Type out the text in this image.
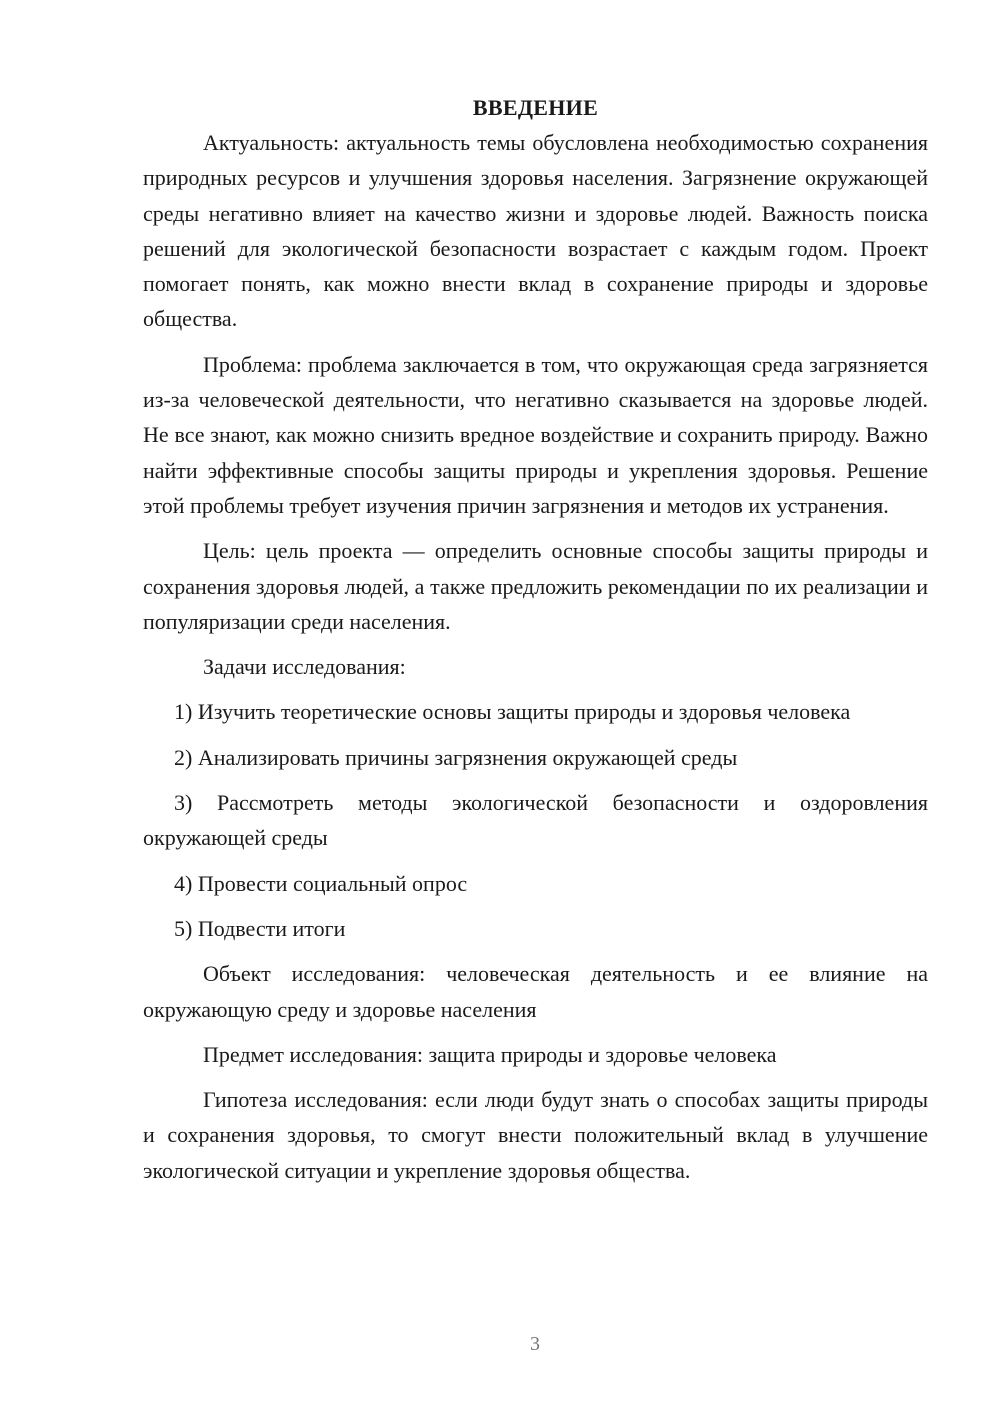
ВВЕДЕНИЕ

Актуальность: актуальность темы обусловлена необходимостью сохранения природных ресурсов и улучшения здоровья населения. Загрязнение окружающей среды негативно влияет на качество жизни и здоровье людей. Важность поиска решений для экологической безопасности возрастает с каждым годом. Проект помогает понять, как можно внести вклад в сохранение природы и здоровье общества.

Проблема: проблема заключается в том, что окружающая среда загрязняется из-за человеческой деятельности, что негативно сказывается на здоровье людей. Не все знают, как можно снизить вредное воздействие и сохранить природу. Важно найти эффективные способы защиты природы и укрепления здоровья. Решение этой проблемы требует изучения причин загрязнения и методов их устранения.

Цель: цель проекта — определить основные способы защиты природы и сохранения здоровья людей, а также предложить рекомендации по их реализации и популяризации среди населения.

Задачи исследования:

1) Изучить теоретические основы защиты природы и здоровья человека

2) Анализировать причины загрязнения окружающей среды

3) Рассмотреть методы экологической безопасности и оздоровления окружающей среды

4) Провести социальный опрос

5) Подвести итоги

Объект исследования: человеческая деятельность и ее влияние на окружающую среду и здоровье населения

Предмет исследования: защита природы и здоровье человека

Гипотеза исследования: если люди будут знать о способах защиты природы и сохранения здоровья, то смогут внести положительный вклад в улучшение экологической ситуации и укрепление здоровья общества.

3
